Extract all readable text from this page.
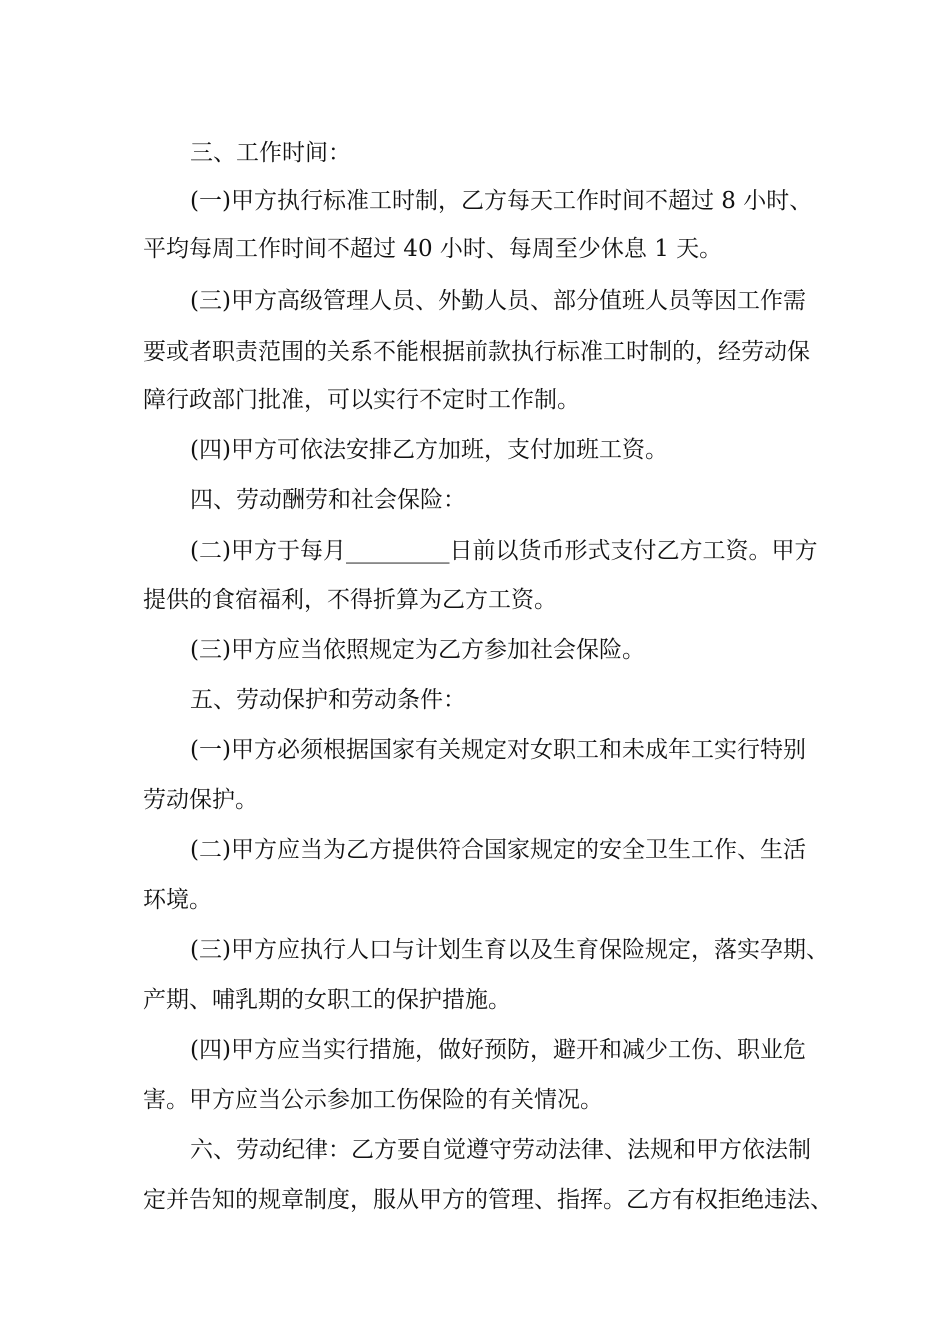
三、工作时间：
(一)甲方执行标准工时制，乙方每天工作时间不超过 8 小时、
平均每周工作时间不超过 40 小时、每周至少休息 1 天。
(三)甲方高级管理人员、外勤人员、部分值班人员等因工作需
要或者职责范围的关系不能根据前款执行标准工时制的，经劳动保
障行政部门批准，可以实行不定时工作制。
(四)甲方可依法安排乙方加班，支付加班工资。
四、劳动酬劳和社会保险：
(二)甲方于每月_________日前以货币形式支付乙方工资。甲方
提供的食宿福利，不得折算为乙方工资。
(三)甲方应当依照规定为乙方参加社会保险。
五、劳动保护和劳动条件：
(一)甲方必须根据国家有关规定对女职工和未成年工实行特别
劳动保护。
(二)甲方应当为乙方提供符合国家规定的安全卫生工作、生活
环境。
(三)甲方应执行人口与计划生育以及生育保险规定，落实孕期、
产期、哺乳期的女职工的保护措施。
(四)甲方应当实行措施，做好预防，避开和减少工伤、职业危
害。甲方应当公示参加工伤保险的有关情况。
六、劳动纪律：乙方要自觉遵守劳动法律、法规和甲方依法制
定并告知的规章制度，服从甲方的管理、指挥。乙方有权拒绝违法、
